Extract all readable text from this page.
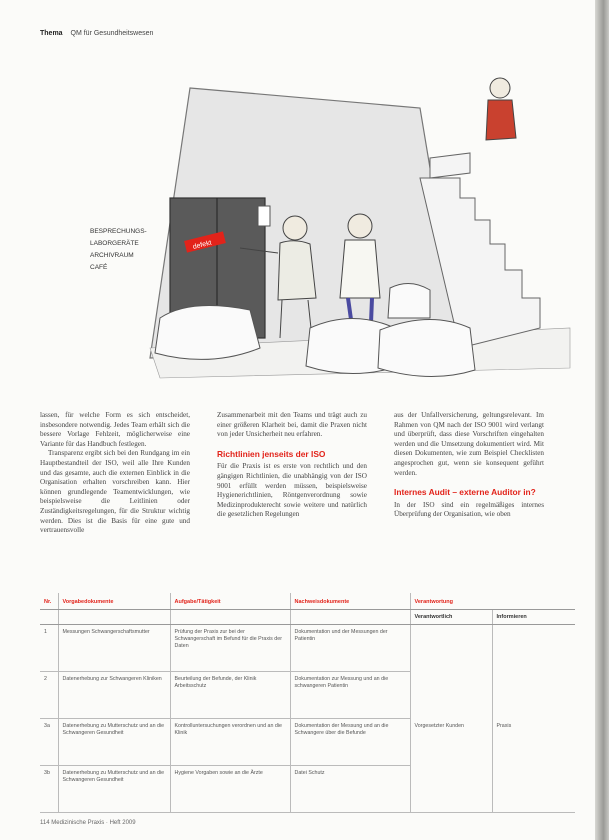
Thema QM für Gesundheitswesen
defekt
BESPRECHUNGS-
LABORGERÄTE
ARCHIVRAUM
CAFÉ

lassen, für welche Form es sich entscheidet, insbesondere notwendig. Jedes Team erhält sich die bessere Vorlage Fehlzeit, möglicherweise eine Variante für das Handbuch festlegen.

Transparenz ergibt sich bei den Rundgang im ein Hauptbestandteil der ISO, weil alle Ihre Kunden und das gesamte, auch die externen Einblick in die Organisation erhalten vorschreiben kann. Hier können grundlegende Teamentwicklungen, wie beispielsweise die Leitlinien oder Zuständigkeitsregelungen, für die Struktur wichtig werden. Dies ist die Basis für eine gute und vertrauensvolle

Zusammenarbeit mit den Teams und trägt auch zu einer größeren Klarheit bei, damit die Praxen nicht von jeder Unsicherheit neu erfahren.

Richtlinien jenseits der ISO

Für die Praxis ist es erste von rechtlich und den gängigen Richtlinien, die unabhängig von der ISO 9001 erfüllt werden müssen, beispielsweise Hygienerichtlinien, Röntgenverordnung sowie Medizinprodukterecht sowie weitere und natürlich die gesetzlichen Regelungen

aus der Unfallversicherung, geltungsrelevant. Im Rahmen von QM nach der ISO 9001 wird verlangt und überprüft, dass diese Vorschriften eingehalten werden und die Umsetzung dokumentiert wird. Mit diesen Dokumenten, wie zum Beispiel Checklisten angesprochen gut, wenn sie konsequent geführt werden.

Internes Audit – externe Auditor in?

In der ISO sind ein regelmäßiges internes Überprüfung der Organisation, wie oben

Nr.	Vorgabedokumente	Aufgabe/Tätigkeit	Nachweisdokumente	Verantwortung	
				Verantwortlich	Informieren
1	Messungen Schwangerschaftsmutter	Prüfung der Praxis zur bei der Schwangerschaft im Befund für die Praxis der Daten	Dokumentation und der Messungen der Patientin		
2	Datenerhebung zur Schwangeren Kliniken	Beurteilung der Befunde, der Klinik Arbeitsschutz	Dokumentation zur Messung und an die schwangeren Patientin		
3a	Datenerhebung zu Mutterschutz und an die Schwangeren Gesundheit	Kontrolluntersuchungen verordnen und an die Klinik	Dokumentation der Messung und an die Schwangere über die Befunde	Vorgesetzter Kunden	Praxis
3b	Datenerhebung zu Mutterschutz und an die Schwangeren Gesundheit	Hygiene Vorgaben sowie an die Ärzte	Datei Schutz		
114 Medizinische Praxis · Heft 2009
